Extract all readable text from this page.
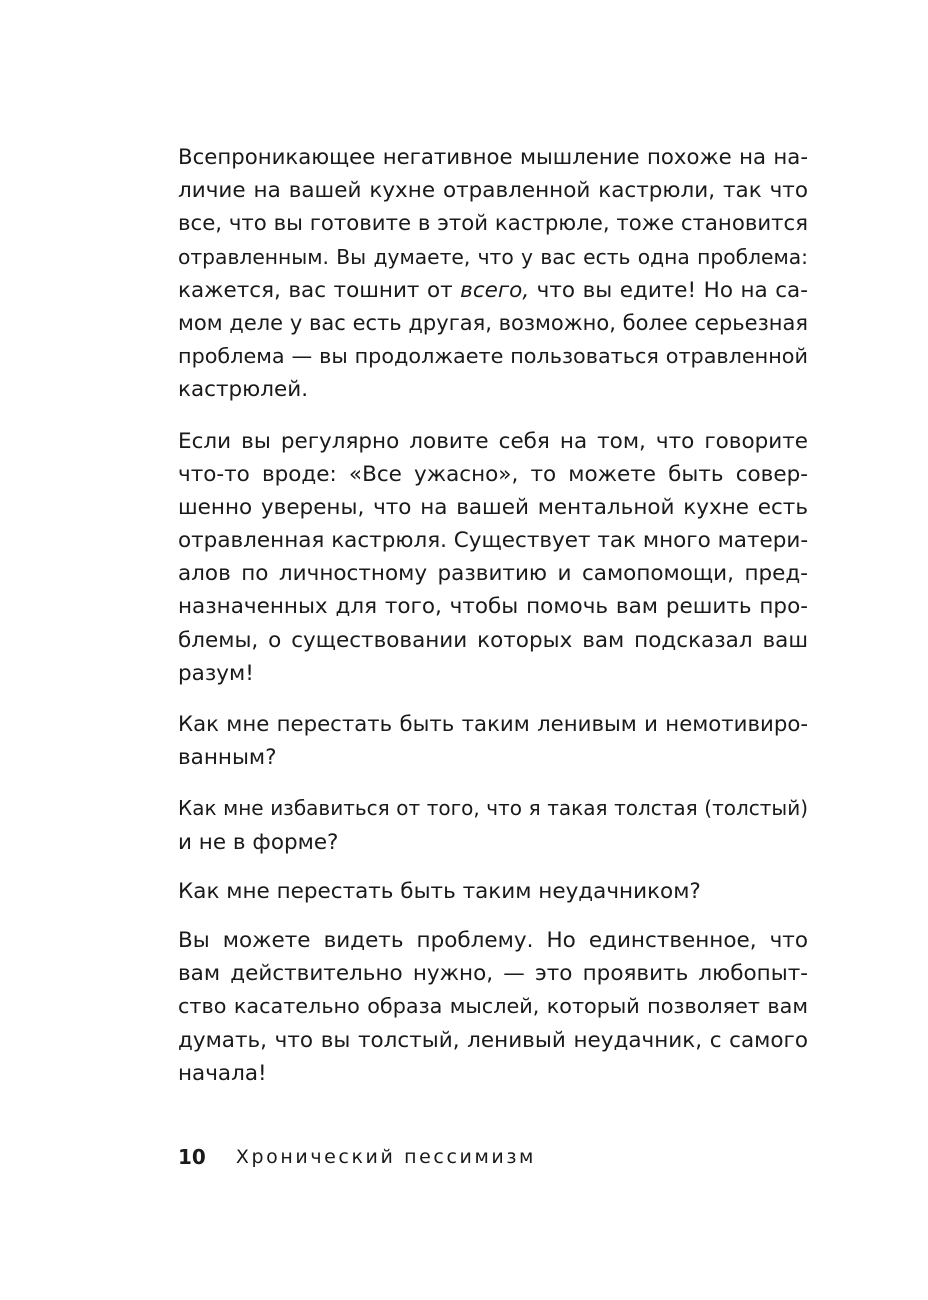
Всепроникающее негативное мышление похоже на на-
личие на вашей кухне отравленной кастрюли, так что
все, что вы готовите в этой кастрюле, тоже становится
отравленным. Вы думаете, что у вас есть одна проблема:
кажется, вас тошнит от всего, что вы едите! Но на са-
мом деле у вас есть другая, возможно, более серьезная
проблема — вы продолжаете пользоваться отравленной
кастрюлей.
Если вы регулярно ловите себя на том, что говорите
что-то вроде: «Все ужасно», то можете быть совер-
шенно уверены, что на вашей ментальной кухне есть
отравленная кастрюля. Существует так много матери-
алов по личностному развитию и самопомощи, пред-
назначенных для того, чтобы помочь вам решить про-
блемы, о существовании которых вам подсказал ваш
разум!
Как мне перестать быть таким ленивым и немотивиро-
ванным?
Как мне избавиться от того, что я такая толстая (толстый)
и не в форме?
Как мне перестать быть таким неудачником?
Вы можете видеть проблему. Но единственное, что
вам действительно нужно, — это проявить любопыт-
ство касательно образа мыслей, который позволяет вам
думать, что вы толстый, ленивый неудачник, с самого
начала!
10 Хронический пессимизм
